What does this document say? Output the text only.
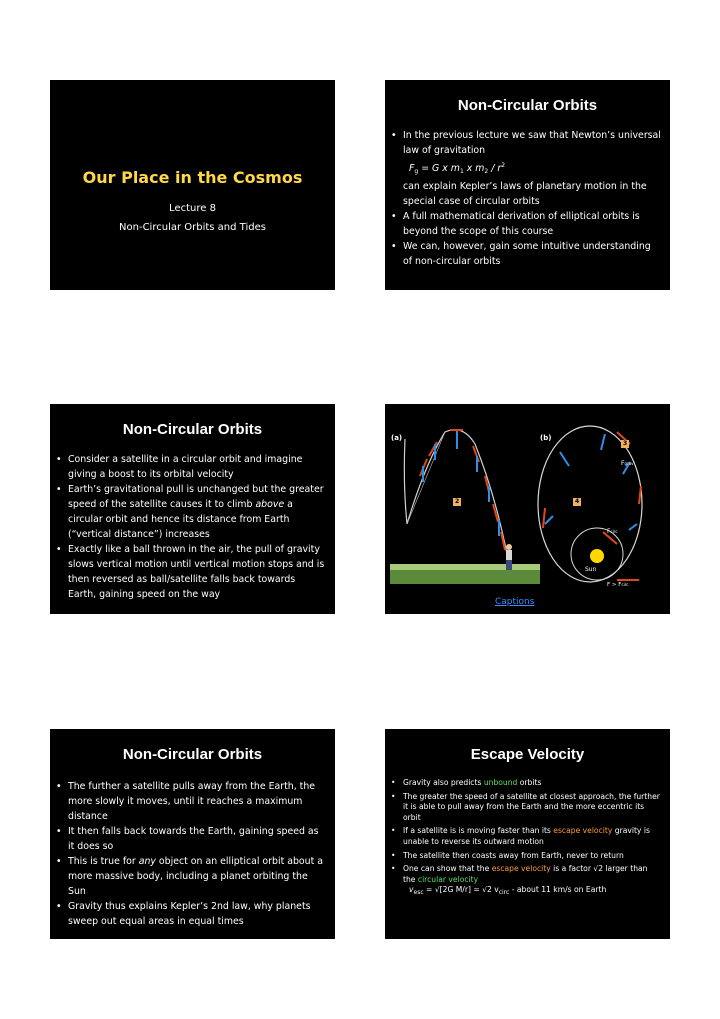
Our Place in the Cosmos
Lecture 8
Non-Circular Orbits and Tides
Non-Circular Orbits
• In the previous lecture we saw that Newton’s universal law of gravitation
$F_g = G$ x $m_1$ x $m_2 / r^2$
can explain Kepler’s laws of planetary motion in the special case of circular orbits
• A full mathematical derivation of elliptical orbits is beyond the scope of this course
• We can, however, gain some intuitive understanding of non-circular orbits
Non-Circular Orbits
• Consider a satellite in a circular orbit and imagine giving a boost to its orbital velocity
• Earth’s gravitational pull is unchanged but the greater speed of the satellite causes it to climb above a circular orbit and hence its distance from Earth (“vertical distance”) increases
• Exactly like a ball thrown in the air, the pull of gravity slows vertical motion until vertical motion stops and is then reversed as ball/satellite falls back towards Earth, gaining speed on the way
(a)	(b)
2
3
4
Fgrav
Fcirc
Sun
F > Fcirc
Captions
Non-Circular Orbits
• The further a satellite pulls away from the Earth, the more slowly it moves, until it reaches a maximum distance
• It then falls back towards the Earth, gaining speed as it does so
• This is true for any object on an elliptical orbit about a more massive body, including a planet orbiting the Sun
• Gravity thus explains Kepler’s 2nd law, why planets sweep out equal areas in equal times
Escape Velocity
• Gravity also predicts unbound orbits
• The greater the speed of a satellite at closest approach, the further it is able to pull away from the Earth and the more eccentric its orbit
• If a satellite is is moving faster than its escape velocity gravity is unable to reverse its outward motion
• The satellite then coasts away from Earth, never to return
• One can show that the escape velocity is a factor √2 larger than the circular velocity
$v_{esc} = √[2G$ M/r] = √2 $v_{circ}$ - about 11 km/s on Earth
